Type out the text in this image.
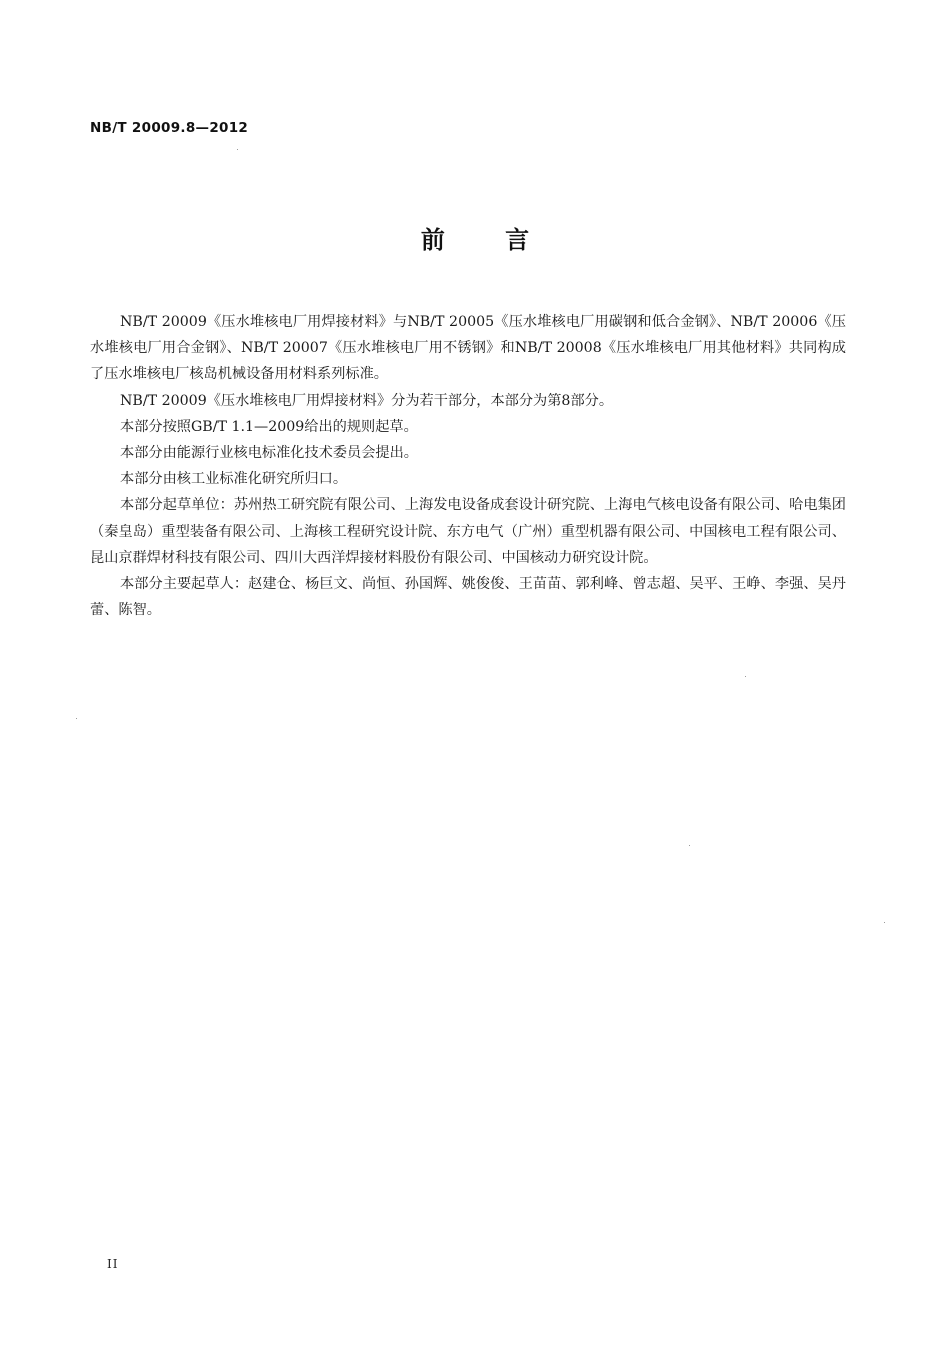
NB/T 20009.8—2012
前 言

NB/T 20009《压水堆核电厂用焊接材料》与NB/T 20005《压水堆核电厂用碳钢和低合金钢》、NB/T 20006《压水堆核电厂用合金钢》、NB/T 20007《压水堆核电厂用不锈钢》和NB/T 20008《压水堆核电厂用其他材料》共同构成了压水堆核电厂核岛机械设备用材料系列标准。

NB/T 20009《压水堆核电厂用焊接材料》分为若干部分，本部分为第8部分。

本部分按照GB/T 1.1—2009给出的规则起草。

本部分由能源行业核电标准化技术委员会提出。

本部分由核工业标准化研究所归口。

本部分起草单位：苏州热工研究院有限公司、上海发电设备成套设计研究院、上海电气核电设备有限公司、哈电集团（秦皇岛）重型装备有限公司、上海核工程研究设计院、东方电气（广州）重型机器有限公司、中国核电工程有限公司、昆山京群焊材科技有限公司、四川大西洋焊接材料股份有限公司、中国核动力研究设计院。

本部分主要起草人：赵建仓、杨巨文、尚恒、孙国辉、姚俊俊、王苗苗、郭利峰、曾志超、吴平、王峥、李强、吴丹蕾、陈智。

II
